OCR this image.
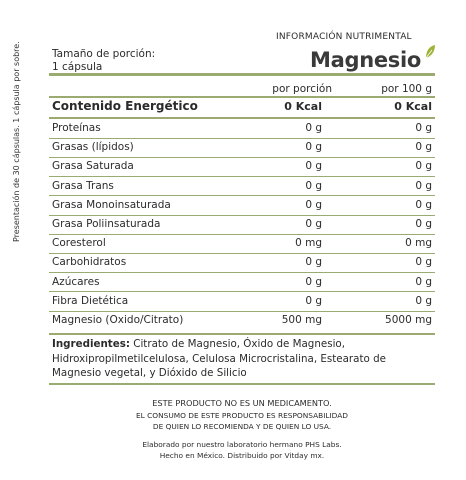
Presentación de 30 cápsulas. 1 cápsula por sobre.
INFORMACIÓN NUTRIMENTAL
Tamaño de porción:
1 cápsula	Magnesio
por porción	por 100 g
Contenido Energético	0 Kcal	0 Kcal
Proteínas	0 g	0 g
Grasas (lípidos)	0 g	0 g
Grasa Saturada	0 g	0 g
Grasa Trans	0 g	0 g
Grasa Monoinsaturada	0 g	0 g
Grasa Poliinsaturada	0 g	0 g
Coresterol	0 mg	0 mg
Carbohidratos	0 g	0 g
Azúcares	0 g	0 g
Fibra Dietética	0 g	0 g
Magnesio (Oxido/Citrato)	500 mg	5000 mg
Ingredientes: Citrato de Magnesio, Óxido de Magnesio, Hidroxipropilmetilcelulosa, Celulosa Microcristalina, Estearato de Magnesio vegetal, y Dióxido de Silicio
ESTE PRODUCTO NO ES UN MEDICAMENTO.
EL CONSUMO DE ESTE PRODUCTO ES RESPONSABILIDAD
DE QUIEN LO RECOMIENDA Y DE QUIEN LO USA.
Elaborado por nuestro laboratorio hermano PHS Labs.
Hecho en México. Distribuido por Vitday mx.
